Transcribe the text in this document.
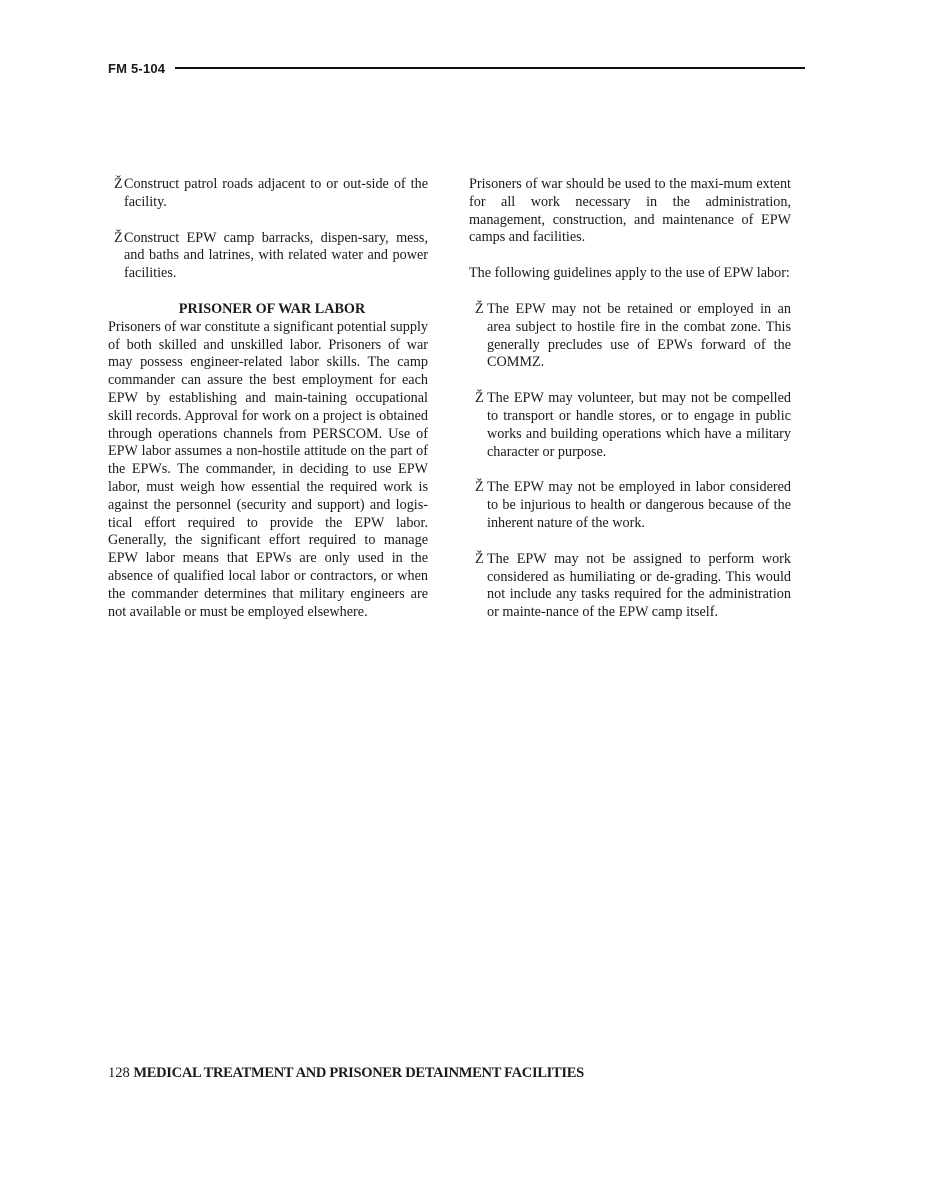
FM 5-104
Ž Construct patrol roads adjacent to or out-side of the facility.
Ž Construct EPW camp barracks, dispen-sary, mess, and baths and latrines, with related water and power facilities.
PRISONER OF WAR LABOR

Prisoners of war constitute a significant potential supply of both skilled and unskilled labor. Prisoners of war may possess engineer-related labor skills. The camp commander can assure the best employment for each EPW by establishing and main-taining occupational skill records. Approval for work on a project is obtained through operations channels from PERSCOM. Use of EPW labor assumes a non-hostile attitude on the part of the EPWs. The commander, in deciding to use EPW labor, must weigh how essential the required work is against the personnel (security and support) and logis-tical effort required to provide the EPW labor. Generally, the significant effort required to manage EPW labor means that EPWs are only used in the absence of qualified local labor or contractors, or when the commander determines that military engineers are not available or must be employed elsewhere.

Prisoners of war should be used to the maxi-mum extent for all work necessary in the administration, management, construction, and maintenance of EPW camps and facilities.

The following guidelines apply to the use of EPW labor:

Ž The EPW may not be retained or employed in an area subject to hostile fire in the combat zone. This generally precludes use of EPWs forward of the COMMZ.
Ž The EPW may volunteer, but may not be compelled to transport or handle stores, or to engage in public works and building operations which have a military character or purpose.
Ž The EPW may not be employed in labor considered to be injurious to health or dangerous because of the inherent nature of the work.
Ž The EPW may not be assigned to perform work considered as humiliating or de-grading. This would not include any tasks required for the administration or mainte-nance of the EPW camp itself.
128 MEDICAL TREATMENT AND PRISONER DETAINMENT FACILITIES
